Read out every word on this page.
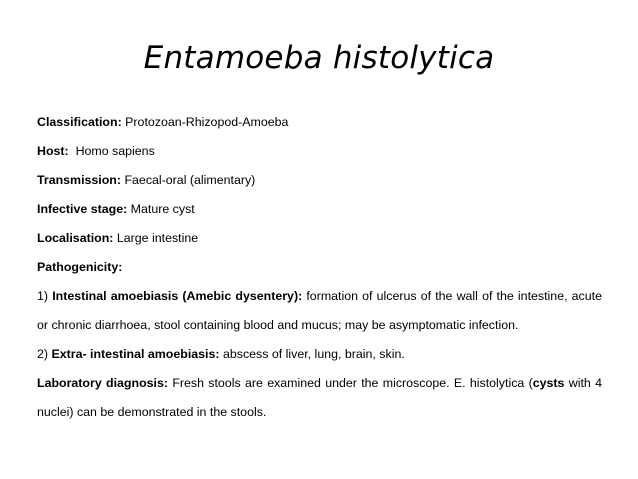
Entamoeba histolytica
Classification: Protozoan-Rhizopod-Amoeba
Host: Homo sapiens
Transmission: Faecal-oral (alimentary)
Infective stage: Mature cyst
Localisation: Large intestine
Pathogenicity:
1) Intestinal amoebiasis (Amebic dysentery): formation of ulcerus of the wall of the intestine, acute or chronic diarrhoea, stool containing blood and mucus; may be asymptomatic infection.
2) Extra- intestinal amoebiasis: abscess of liver, lung, brain, skin.
Laboratory diagnosis: Fresh stools are examined under the microscope. E. histolytica (cysts with 4 nuclei) can be demonstrated in the stools.
